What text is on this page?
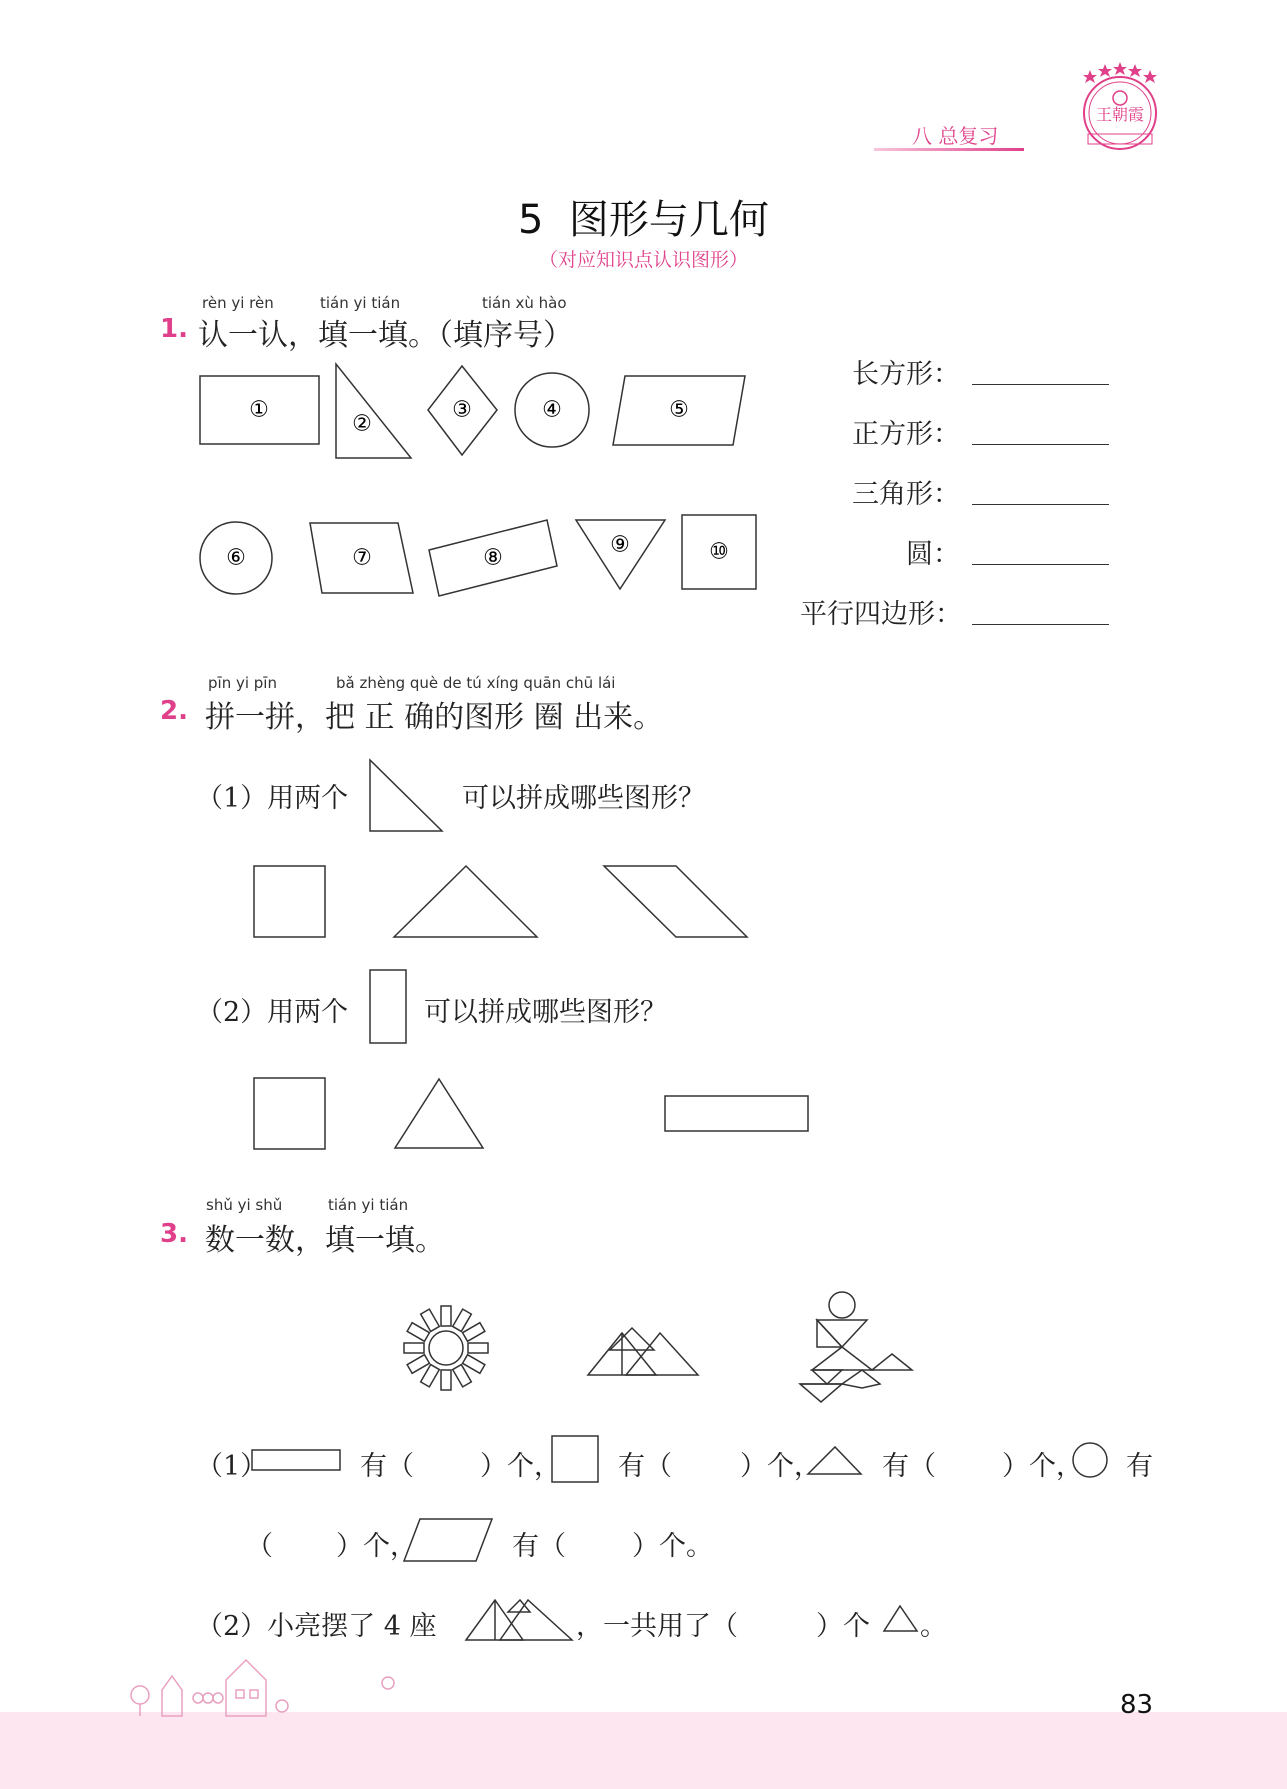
八 总复习
王朝霞
5  图形与几何
（对应知识点认识图形）
rèn yi rèn	tián yi tián	tián xù hào
1. 认一认，填一填。（填序号）
①
②
③	④	⑤
⑥	⑦	⑧
⑨	⑩
长方形：
正方形：
三角形：
圆：
平行四边形：
pīn yi pīn	bǎ zhèng què de tú xíng quān chū lái
2. 拼一拼，把 正 确的图形 圈 出来。
（1）用两个	可以拼成哪些图形？
（2）用两个	可以拼成哪些图形？
shǔ yi shǔ	tián yi tián
3. 数一数，填一填。
（1）	有（ ）个， 有（	）个， 有（ ）个， 有
（ ）个，	有（ ）个。
（2）小亮摆了 4 座	，一共用了（	）个 。
83
